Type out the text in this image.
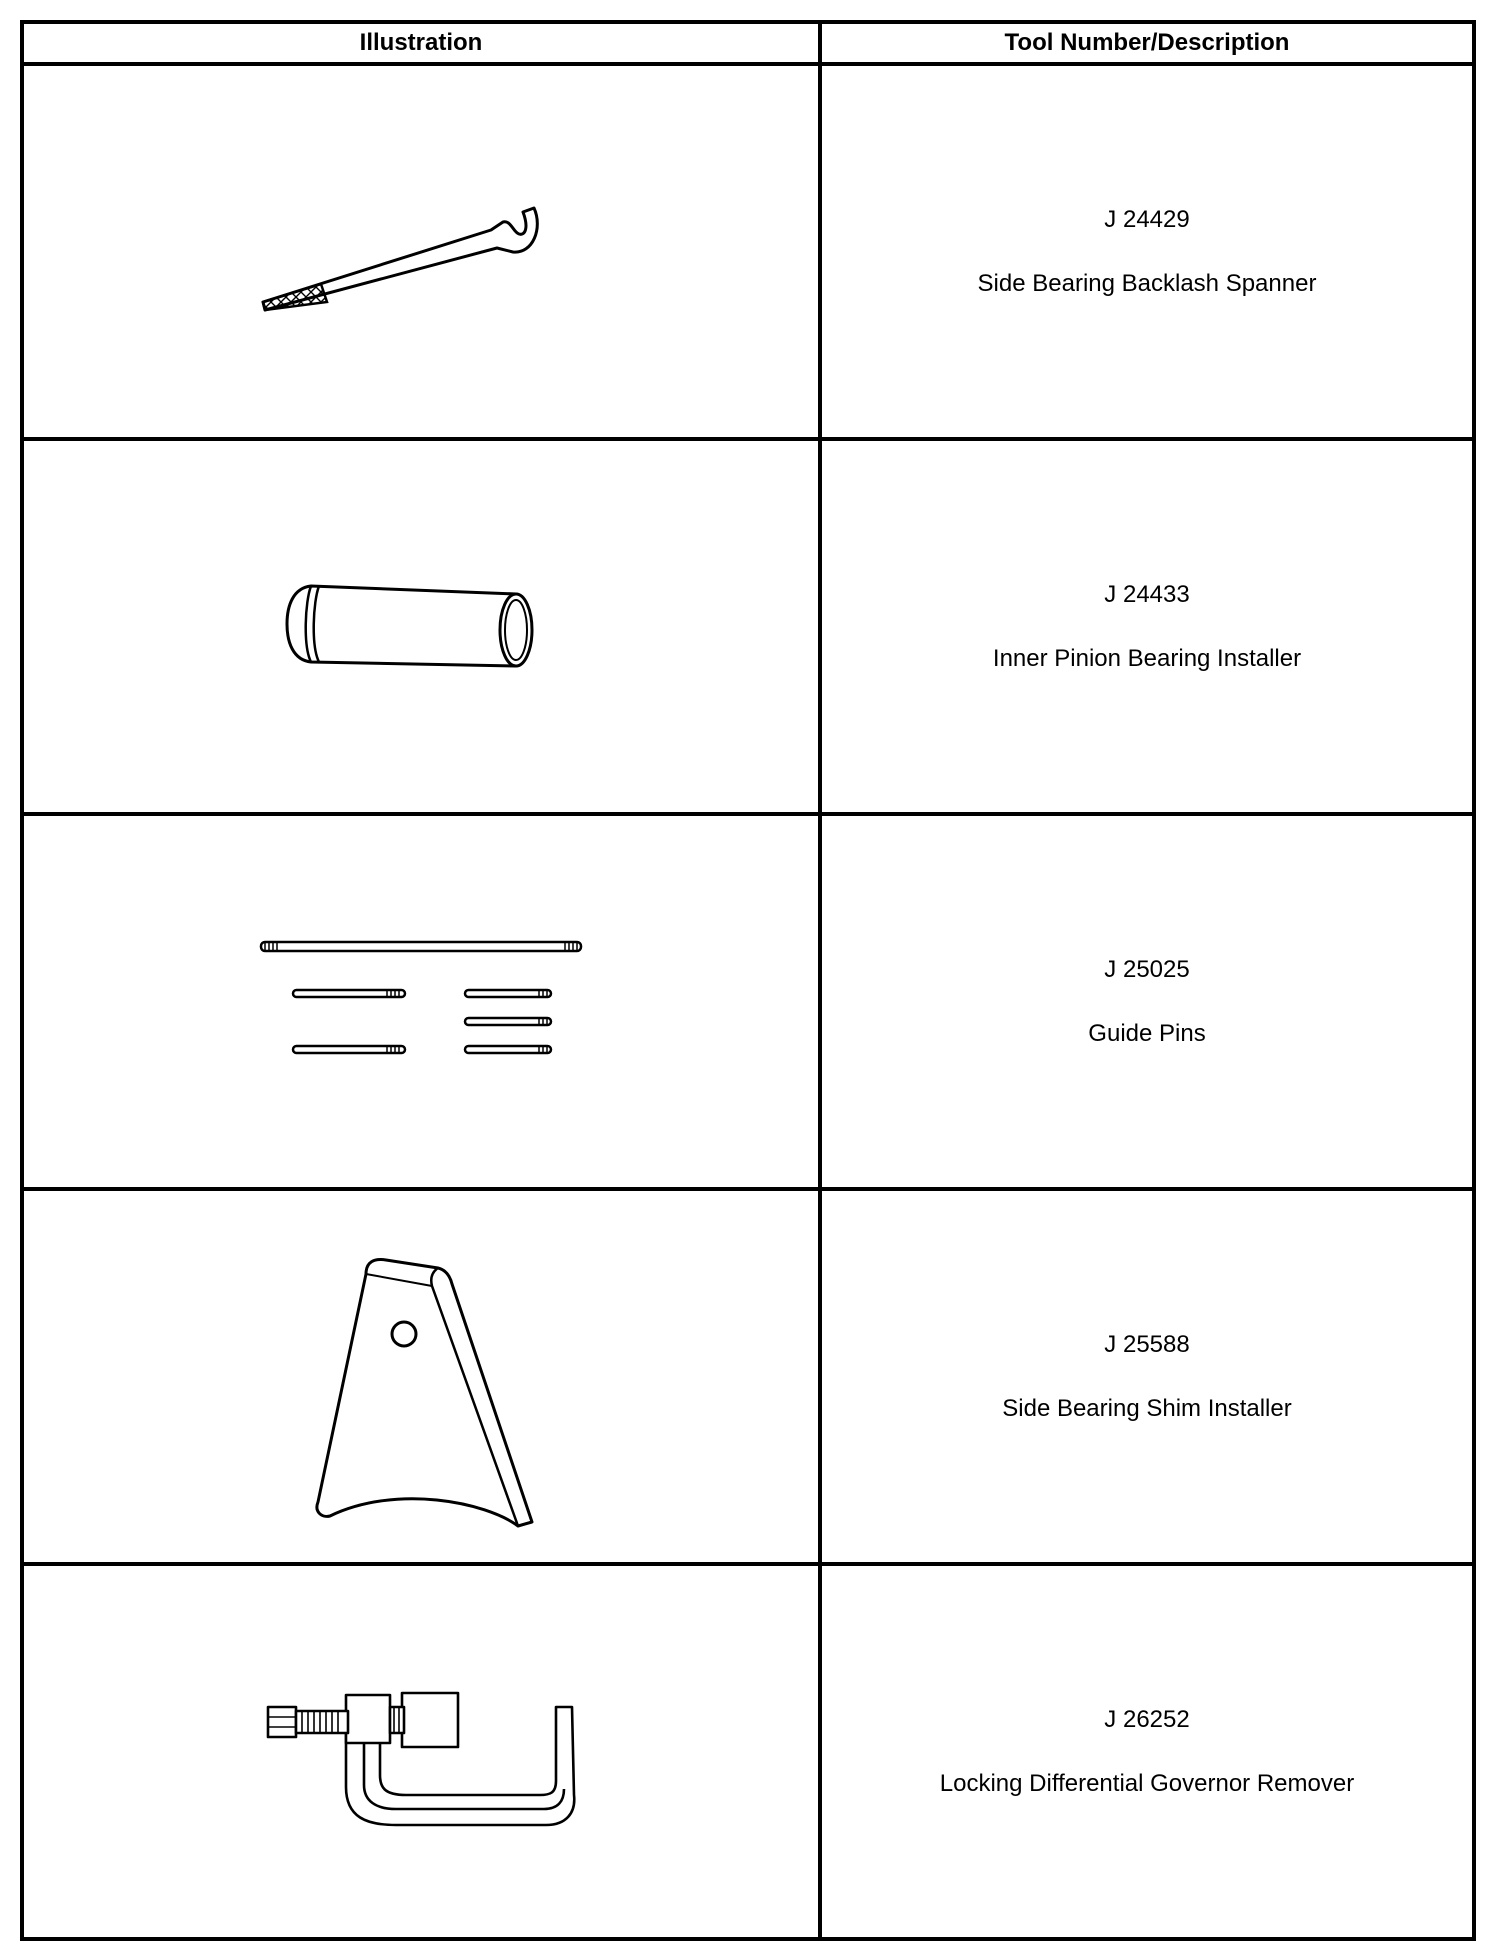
Illustration	Tool Number/Description

J 24429
Side Bearing Backlash Spanner

J 24433
Inner Pinion Bearing Installer

J 25025
Guide Pins

J 25588
Side Bearing Shim Installer

J 26252
Locking Differential Governor Remover
